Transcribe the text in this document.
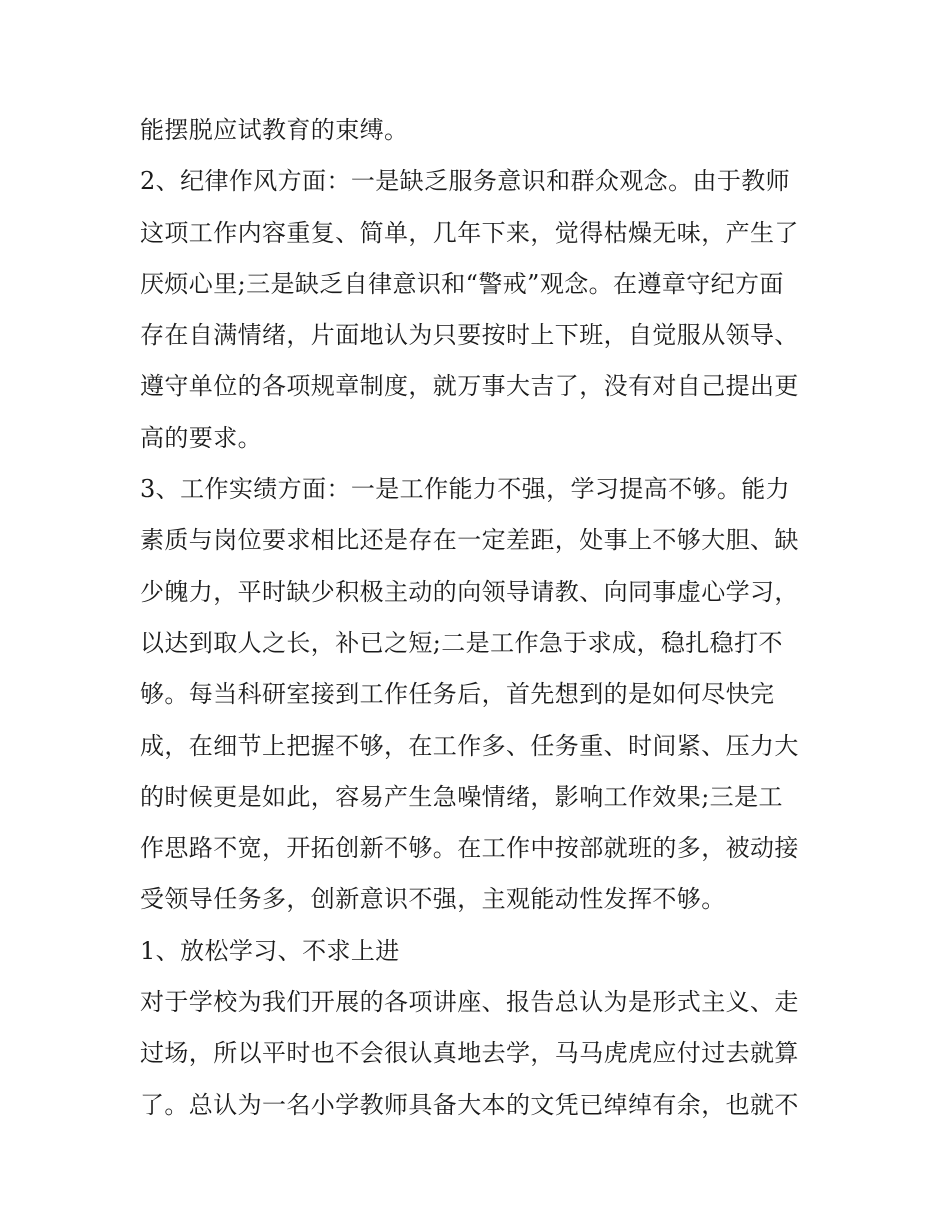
能摆脱应试教育的束缚。
2、纪律作风方面：一是缺乏服务意识和群众观念。由于教师
这项工作内容重复、简单，几年下来，觉得枯燥无味，产生了
厌烦心里;三是缺乏自律意识和“警戒”观念。在遵章守纪方面
存在自满情绪，片面地认为只要按时上下班，自觉服从领导、
遵守单位的各项规章制度，就万事大吉了，没有对自己提出更
高的要求。
3、工作实绩方面：一是工作能力不强，学习提高不够。能力
素质与岗位要求相比还是存在一定差距，处事上不够大胆、缺
少魄力，平时缺少积极主动的向领导请教、向同事虚心学习，
以达到取人之长，补已之短;二是工作急于求成，稳扎稳打不
够。每当科研室接到工作任务后，首先想到的是如何尽快完
成，在细节上把握不够，在工作多、任务重、时间紧、压力大
的时候更是如此，容易产生急噪情绪，影响工作效果;三是工
作思路不宽，开拓创新不够。在工作中按部就班的多，被动接
受领导任务多，创新意识不强，主观能动性发挥不够。
1、放松学习、不求上进
对于学校为我们开展的各项讲座、报告总认为是形式主义、走
过场，所以平时也不会很认真地去学，马马虎虎应付过去就算
了。总认为一名小学教师具备大本的文凭已绰绰有余，也就不
